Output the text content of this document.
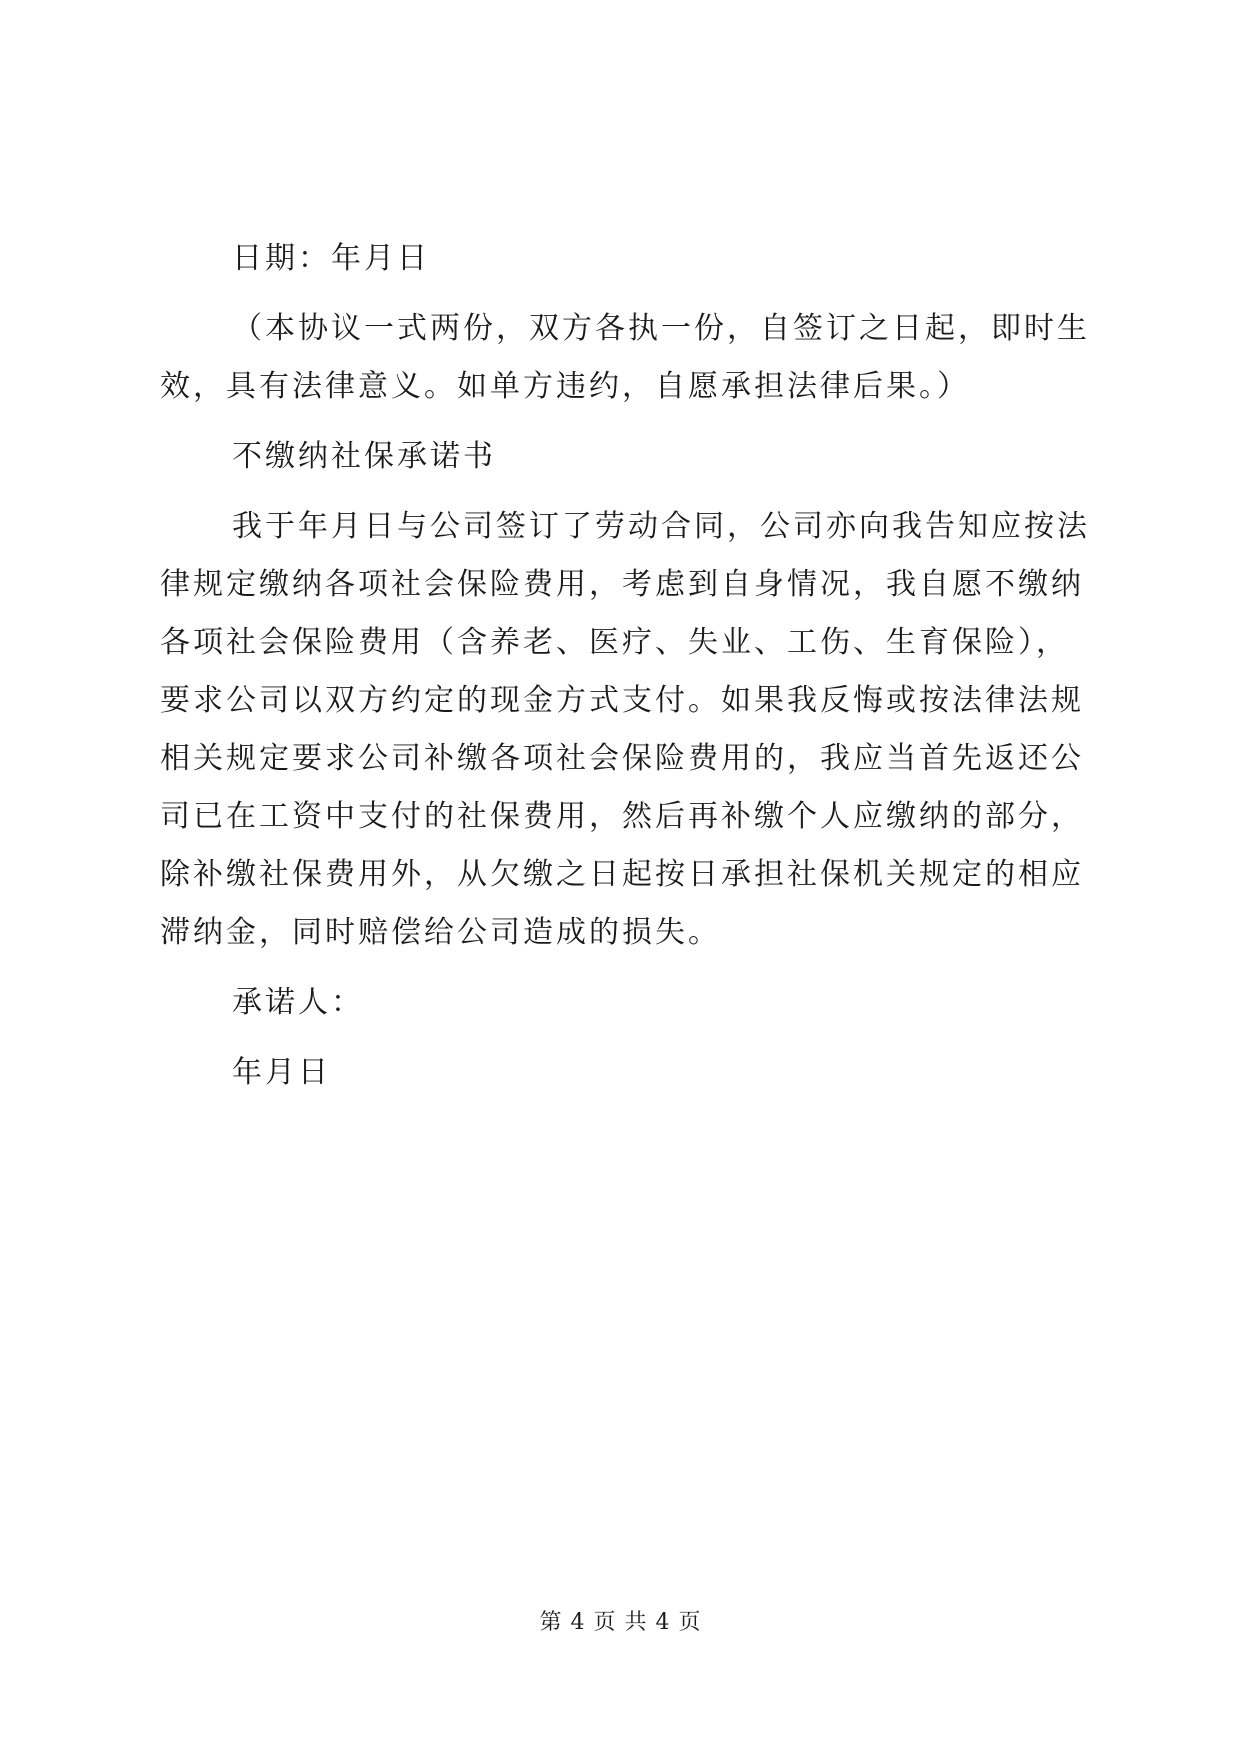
日期：年月日

（本协议一式两份，双方各执一份，自签订之日起，即时生效，具有法律意义。如单方违约，自愿承担法律后果。）

不缴纳社保承诺书

我于年月日与公司签订了劳动合同，公司亦向我告知应按法律规定缴纳各项社会保险费用，考虑到自身情况，我自愿不缴纳各项社会保险费用（含养老、医疗、失业、工伤、生育保险），要求公司以双方约定的现金方式支付。如果我反悔或按法律法规相关规定要求公司补缴各项社会保险费用的，我应当首先返还公司已在工资中支付的社保费用，然后再补缴个人应缴纳的部分，除补缴社保费用外，从欠缴之日起按日承担社保机关规定的相应滞纳金，同时赔偿给公司造成的损失。

承诺人：

年月日

第 4 页 共 4 页
